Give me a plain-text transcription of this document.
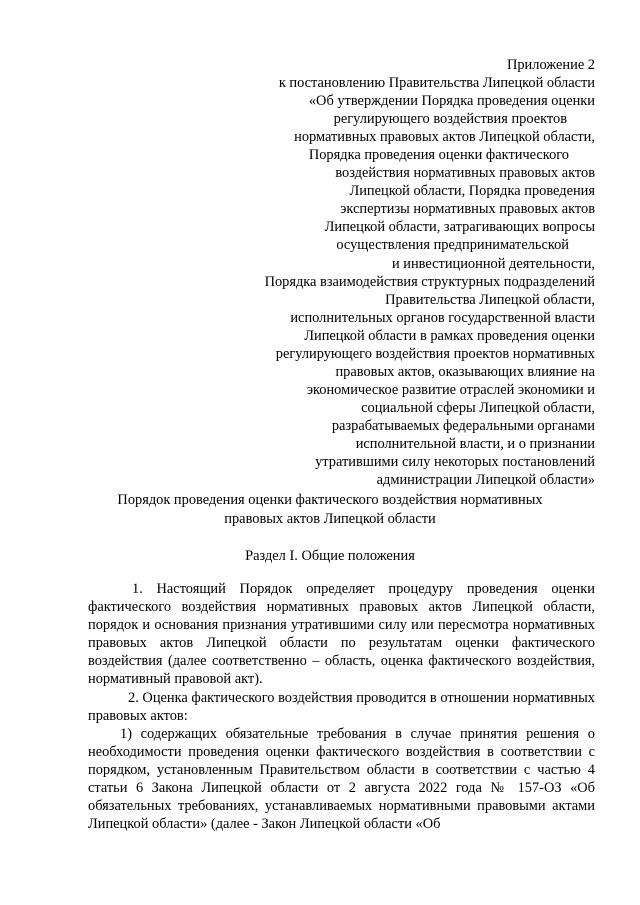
Приложение 2
к постановлению Правительства Липецкой области
«Об утверждении Порядка проведения оценки
регулирующего воздействия проектов
нормативных правовых актов Липецкой области,
Порядка проведения оценки фактического
воздействия нормативных правовых актов
Липецкой области, Порядка проведения
экспертизы нормативных правовых актов
Липецкой области, затрагивающих вопросы
осуществления предпринимательской
и инвестиционной деятельности,
Порядка взаимодействия структурных подразделений
Правительства Липецкой области,
исполнительных органов государственной власти
Липецкой области в рамках проведения оценки
регулирующего воздействия проектов нормативных
правовых актов, оказывающих влияние на
экономическое развитие отраслей экономики и
социальной сферы Липецкой области,
разрабатываемых федеральными органами
исполнительной власти, и о признании
утратившими силу некоторых постановлений
администрации Липецкой области»
Порядок проведения оценки фактического воздействия нормативных
правовых актов Липецкой области
Раздел I. Общие положения

1. Настоящий Порядок определяет процедуру проведения оценки фактического воздействия нормативных правовых актов Липецкой области, порядок и основания признания утратившими силу или пересмотра нормативных правовых актов Липецкой области по результатам оценки фактического воздействия (далее соответственно – область, оценка фактического воздействия, нормативный правовой акт).

2. Оценка фактического воздействия проводится в отношении нормативных правовых актов:

1) содержащих обязательные требования в случае принятия решения о необходимости проведения оценки фактического воздействия в соответствии с порядком, установленным Правительством области в соответствии с частью 4 статьи 6 Закона Липецкой области от 2 августа 2022 года № 157-ОЗ «Об обязательных требованиях, устанавливаемых нормативными правовыми актами Липецкой области» (далее - Закон Липецкой области «Об
